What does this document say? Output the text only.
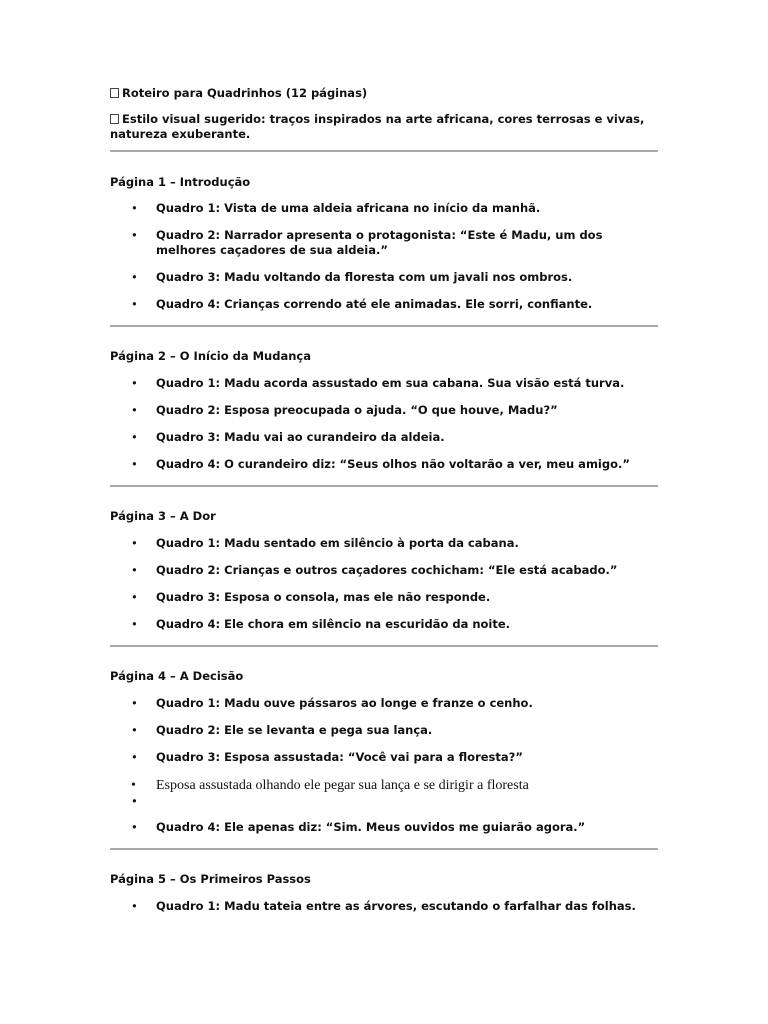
Roteiro para Quadrinhos (12 páginas)
Estilo visual sugerido: traços inspirados na arte africana, cores terrosas e vivas,
natureza exuberante.
Página 1 – Introdução
• Quadro 1: Vista de uma aldeia africana no início da manhã.
• Quadro 2: Narrador apresenta o protagonista: “Este é Madu, um dos
melhores caçadores de sua aldeia.”
• Quadro 3: Madu voltando da floresta com um javali nos ombros.
• Quadro 4: Crianças correndo até ele animadas. Ele sorri, confiante.
Página 2 – O Início da Mudança
• Quadro 1: Madu acorda assustado em sua cabana. Sua visão está turva.
• Quadro 2: Esposa preocupada o ajuda. “O que houve, Madu?”
• Quadro 3: Madu vai ao curandeiro da aldeia.
• Quadro 4: O curandeiro diz: “Seus olhos não voltarão a ver, meu amigo.”
Página 3 – A Dor
• Quadro 1: Madu sentado em silêncio à porta da cabana.
• Quadro 2: Crianças e outros caçadores cochicham: “Ele está acabado.”
• Quadro 3: Esposa o consola, mas ele não responde.
• Quadro 4: Ele chora em silêncio na escuridão da noite.
Página 4 – A Decisão
• Quadro 1: Madu ouve pássaros ao longe e franze o cenho.
• Quadro 2: Ele se levanta e pega sua lança.
• Quadro 3: Esposa assustada: “Você vai para a floresta?”
• Esposa assustada olhando ele pegar sua lança e se dirigir a floresta
•
• Quadro 4: Ele apenas diz: “Sim. Meus ouvidos me guiarão agora.”
Página 5 – Os Primeiros Passos
• Quadro 1: Madu tateia entre as árvores, escutando o farfalhar das folhas.
